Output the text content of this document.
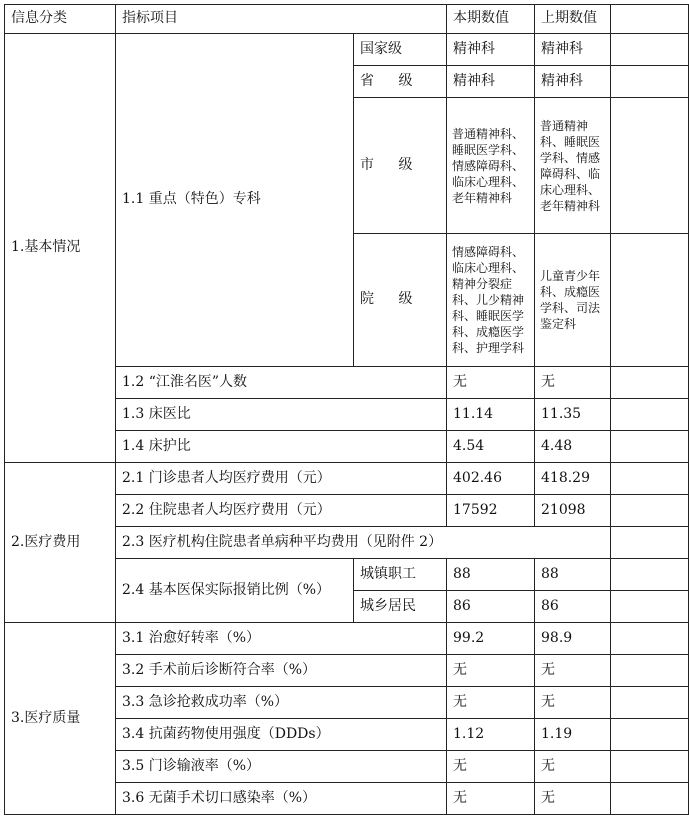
信息分类	指标项目		本期数值	上期数值	
1.基本情况	1.1 重点（特色）专科	国家级	精神科	精神科	
		省 级	精神科	精神科	
		市 级	普通精神科、睡眠医学科、情感障碍科、临床心理科、老年精神科	普通精神科、睡眠医学科、情感障碍科、临床心理科、老年精神科	
		院 级	情感障碍科、临床心理科、精神分裂症科、儿少精神科、睡眠医学科、成瘾医学科、护理学科	儿童青少年科、成瘾医学科、司法鉴定科	
	1.2 “江淮名医”人数		无	无	
	1.3 床医比		11.14	11.35	
	1.4 床护比		4.54	4.48	
2.医疗费用	2.1 门诊患者人均医疗费用（元）		402.46	418.29	
	2.2 住院患者人均医疗费用（元）		17592	21098	
	2.3 医疗机构住院患者单病种平均费用（见附件 2）				
	2.4 基本医保实际报销比例（%）	城镇职工	88	88	
		城乡居民	86	86	
3.医疗质量	3.1 治愈好转率（%）		99.2	98.9	
	3.2 手术前后诊断符合率（%）		无	无	
	3.3 急诊抢救成功率（%）		无	无	
	3.4 抗菌药物使用强度（DDDs）		1.12	1.19	
	3.5 门诊输液率（%）		无	无	
	3.6 无菌手术切口感染率（%）		无	无	
